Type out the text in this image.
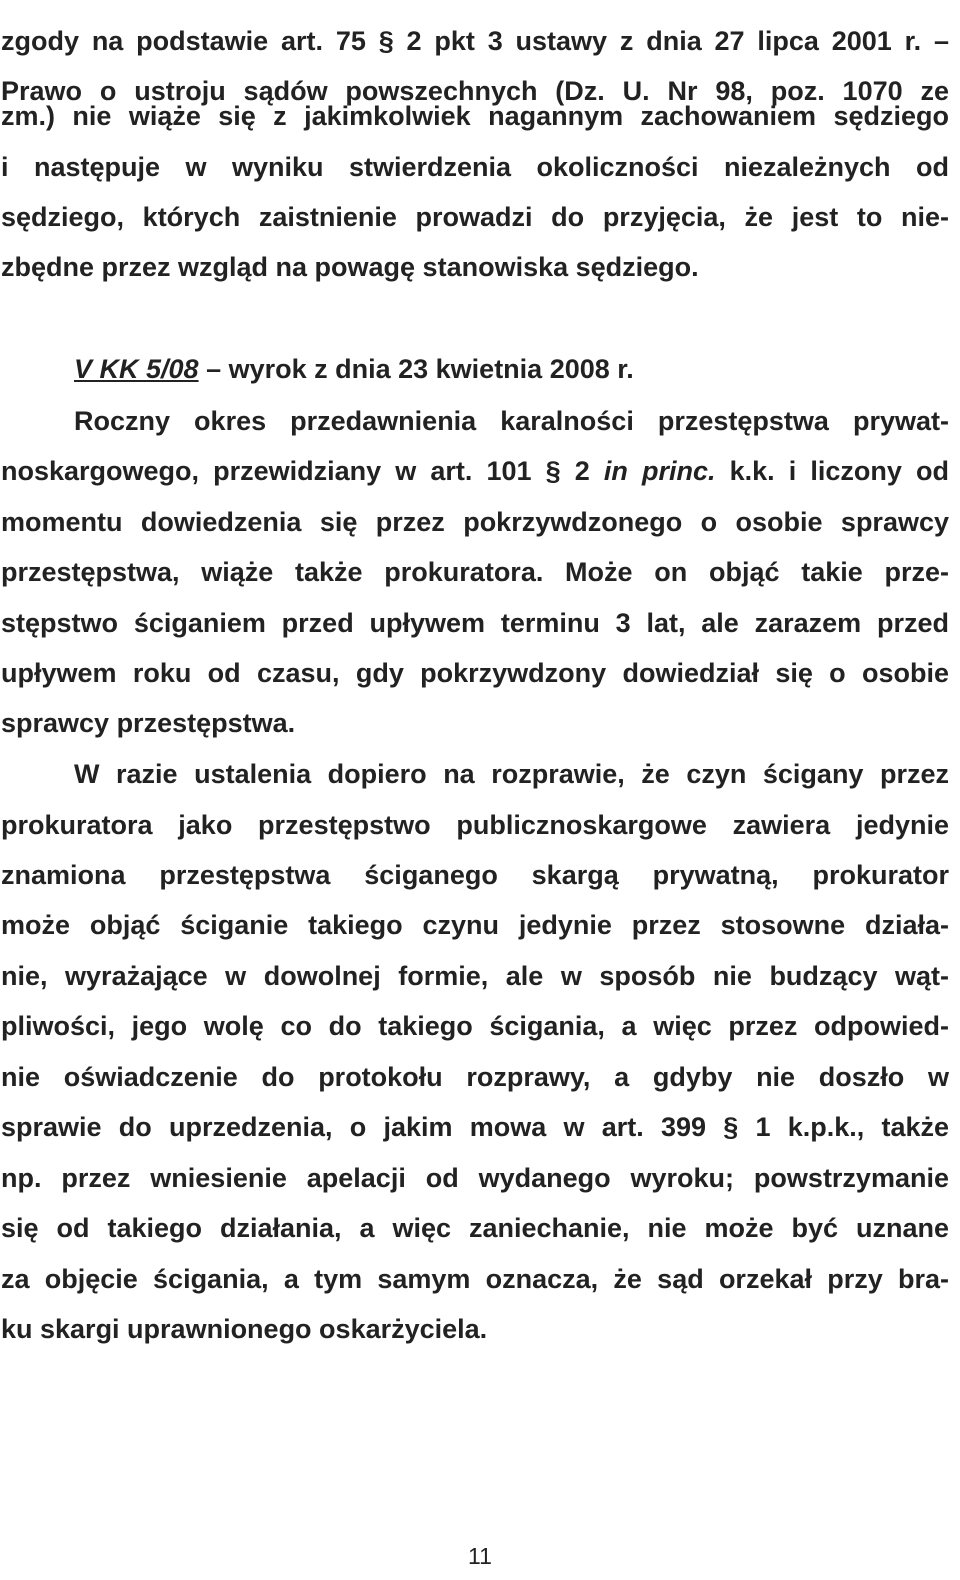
zgody na podstawie art. 75 § 2 pkt 3 ustawy z dnia 27 lipca 2001 r. –
Prawo o ustroju sądów powszechnych (Dz. U. Nr 98, poz. 1070 ze
zm.) nie wiąże się z jakimkolwiek nagannym zachowaniem sędziego
i następuje w wyniku stwierdzenia okoliczności niezależnych od
sędziego, których zaistnienie prowadzi do przyjęcia, że jest to nie-
zbędne przez wzgląd na powagę stanowiska sędziego.
V KK 5/08 – wyrok z dnia 23 kwietnia 2008 r.
Roczny okres przedawnienia karalności przestępstwa prywat-
noskargowego, przewidziany w art. 101 § 2 in princ. k.k. i liczony od
momentu dowiedzenia się przez pokrzywdzonego o osobie sprawcy
przestępstwa, wiąże także prokuratora. Może on objąć takie prze-
stępstwo ściganiem przed upływem terminu 3 lat, ale zarazem przed
upływem roku od czasu, gdy pokrzywdzony dowiedział się o osobie
sprawcy przestępstwa.
W razie ustalenia dopiero na rozprawie, że czyn ścigany przez
prokuratora jako przestępstwo publicznoskargowe zawiera jedynie
znamiona przestępstwa ściganego skargą prywatną, prokurator
może objąć ściganie takiego czynu jedynie przez stosowne działa-
nie, wyrażające w dowolnej formie, ale w sposób nie budzący wąt-
pliwości, jego wolę co do takiego ścigania, a więc przez odpowied-
nie oświadczenie do protokołu rozprawy, a gdyby nie doszło w
sprawie do uprzedzenia, o jakim mowa w art. 399 § 1 k.p.k., także
np. przez wniesienie apelacji od wydanego wyroku; powstrzymanie
się od takiego działania, a więc zaniechanie, nie może być uznane
za objęcie ścigania, a tym samym oznacza, że sąd orzekał przy bra-
ku skargi uprawnionego oskarżyciela.
11
